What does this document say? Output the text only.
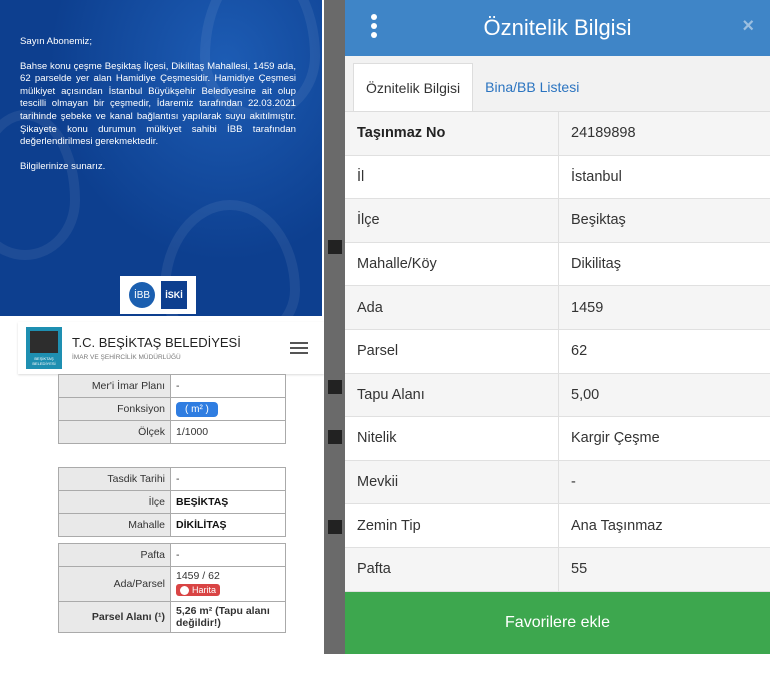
Sayın Abonemiz;

Bahse konu çeşme Beşiktaş İlçesi, Dikilitaş Mahallesi, 1459 ada, 62 parselde yer alan Hamidiye Çeşmesidir. Hamidiye Çeşmesi mülkiyet açısından İstanbul Büyükşehir Belediyesine ait olup tescilli olmayan bir çeşmedir, İdaremiz tarafından 22.03.2021 tarihinde şebeke ve kanal bağlantısı yapılarak suyu akıtılmıştır. Şikayete konu durumun mülkiyet sahibi İBB tarafından değerlendirilmesi gerekmektedir.

Bilgilerinize sunarız.

İBB	İSKİ
BEŞİKTAŞ BELEDİYESİ
T.C. BEŞİKTAŞ BELEDİYESİ
İMAR VE ŞEHİRCİLİK MÜDÜRLÜĞÜ
Mer'i İmar Planı	-
Fonksiyon	( m² )
Ölçek	1/1000
Tasdik Tarihi	-
İlçe	BEŞİKTAŞ
Mahalle	DİKİLİTAŞ
Pafta	-
Ada/Parsel	1459 / 62
Harita

Parsel Alanı (¹)	5,26 m² (Tapu alanı değildir!)
Öznitelik Bilgisi	×
Öznitelik Bilgisi	Bina/BB Listesi
Taşınmaz No	24189898
İl	İstanbul
İlçe	Beşiktaş
Mahalle/Köy	Dikilitaş
Ada	1459
Parsel	62
Tapu Alanı	5,00
Nitelik	Kargir Çeşme
Mevkii	-
Zemin Tip	Ana Taşınmaz
Pafta	55
Favorilere ekle
